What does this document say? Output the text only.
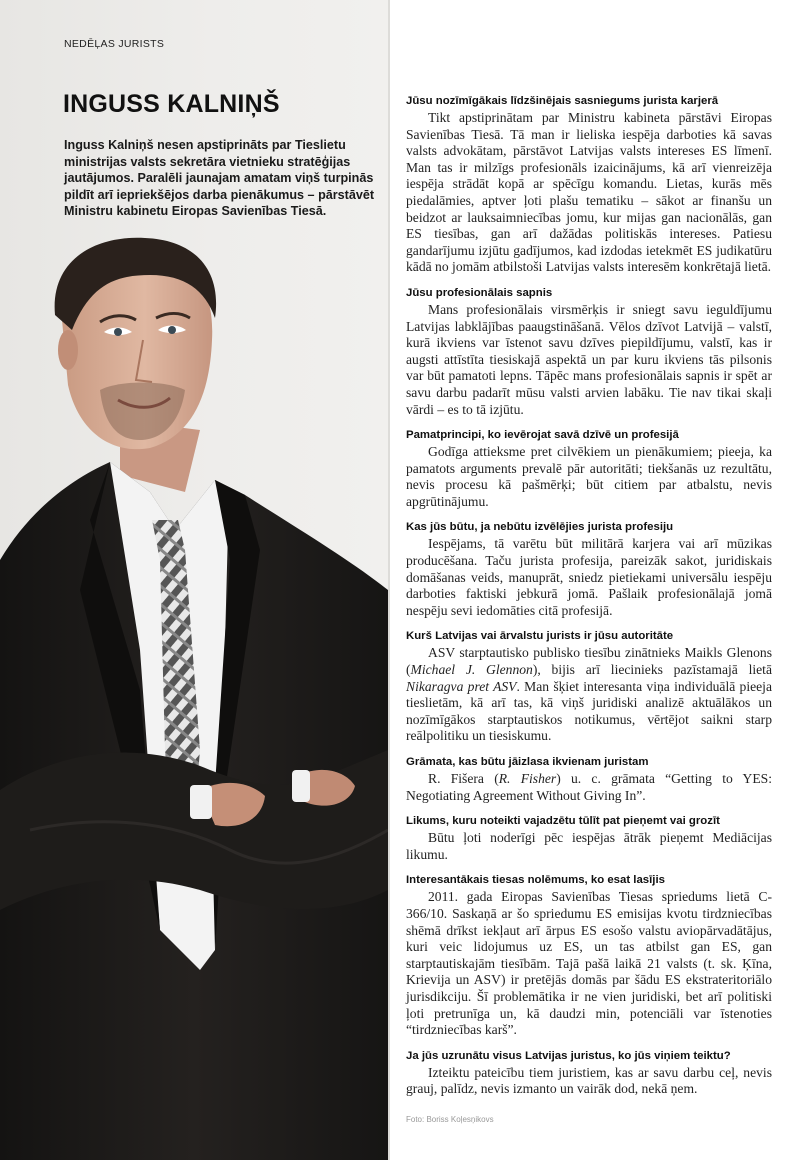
NEDĒĻAS JURISTS
INGUSS KALNIŅŠ
Inguss Kalniņš nesen apstiprināts par Tieslietu ministrijas valsts sekretāra vietnieku stratēģijas jautājumos. Paralēli jaunajam amatam viņš turpinās pildīt arī iepriekšējos darba pienākumus – pārstāvēt Ministru kabinetu Eiropas Savienības Tiesā.

Jūsu nozīmīgākais līdzšinējais sasniegums jurista karjerā

Tikt apstiprinātam par Ministru kabineta pārstāvi Eiropas Savienības Tiesā. Tā man ir lieliska iespēja darboties kā savas valsts advokātam, pārstāvot Latvijas valsts intereses ES līmenī. Man tas ir milzīgs profesionāls izaicinājums, kā arī vienreizēja iespēja strādāt kopā ar spēcīgu komandu. Lietas, kurās mēs piedalāmies, aptver ļoti plašu tematiku – sākot ar finanšu un beidzot ar lauksaimniecības jomu, kur mijas gan nacionālās, gan ES tiesības, gan arī dažādas politiskās intereses. Patiesu gandarījumu izjūtu gadījumos, kad izdodas ietekmēt ES judikatūru kādā no jomām atbilstoši Latvijas valsts interesēm konkrētajā lietā.

Jūsu profesionālais sapnis

Mans profesionālais virsmērķis ir sniegt savu ieguldījumu Latvijas labklājības paaugstināšanā. Vēlos dzīvot Latvijā – valstī, kurā ikviens var īstenot savu dzīves piepildījumu, valstī, kas ir augsti attīstīta tiesiskajā aspektā un par kuru ikviens tās pilsonis var būt pamatoti lepns. Tāpēc mans profesionālais sapnis ir spēt ar savu darbu padarīt mūsu valsti arvien labāku. Tie nav tikai skaļi vārdi – es to tā izjūtu.

Pamatprincipi, ko ievērojat savā dzīvē un profesijā

Godīga attieksme pret cilvēkiem un pienākumiem; pieeja, ka pamatots arguments prevalē pār autoritāti; tiekšanās uz rezultātu, nevis procesu kā pašmērķi; būt citiem par atbalstu, nevis apgrūtinājumu.

Kas jūs būtu, ja nebūtu izvēlējies jurista profesiju

Iespējams, tā varētu būt militārā karjera vai arī mūzikas producēšana. Taču jurista profesija, pareizāk sakot, juridiskais domāšanas veids, manuprāt, sniedz pietiekami universālu iespēju darboties faktiski jebkurā jomā. Pašlaik profesionālajā jomā nespēju sevi iedomāties citā profesijā.

Kurš Latvijas vai ārvalstu jurists ir jūsu autoritāte

ASV starptautisko publisko tiesību zinātnieks Maikls Glenons (Michael J. Glennon), bijis arī liecinieks pazīstamajā lietā Nikaragva pret ASV. Man šķiet interesanta viņa individuālā pieeja tieslietām, kā arī tas, kā viņš juridiski analizē aktuālākos un nozīmīgākos starptautiskos notikumus, vērtējot saikni starp reālpolitiku un tiesiskumu.

Grāmata, kas būtu jāizlasa ikvienam juristam

R. Fišera (R. Fisher) u. c. grāmata “Getting to YES: Negotiating Agreement Without Giving In”.

Likums, kuru noteikti vajadzētu tūlīt pat pieņemt vai grozīt

Būtu ļoti noderīgi pēc iespējas ātrāk pieņemt Mediācijas likumu.

Interesantākais tiesas nolēmums, ko esat lasījis

2011. gada Eiropas Savienības Tiesas spriedums lietā C-366/10. Saskaņā ar šo spriedumu ES emisijas kvotu tirdzniecības shēmā drīkst iekļaut arī ārpus ES esošo valstu aviopārvadātājus, kuri veic lidojumus uz ES, un tas atbilst gan ES, gan starptautiskajām tiesībām. Tajā pašā laikā 21 valsts (t. sk. Ķīna, Krievija un ASV) ir pretējās domās par šādu ES ekstrateritoriālo jurisdikciju. Šī problemātika ir ne vien juridiski, bet arī politiski ļoti pretrunīga un, kā daudzi min, potenciāli var īstenoties “tirdzniecības karš”.

Ja jūs uzrunātu visus Latvijas juristus, ko jūs viņiem teiktu?

Izteiktu pateicību tiem juristiem, kas ar savu darbu ceļ, nevis grauj, palīdz, nevis izmanto un vairāk dod, nekā ņem.

Foto: Boriss Koļesņikovs
